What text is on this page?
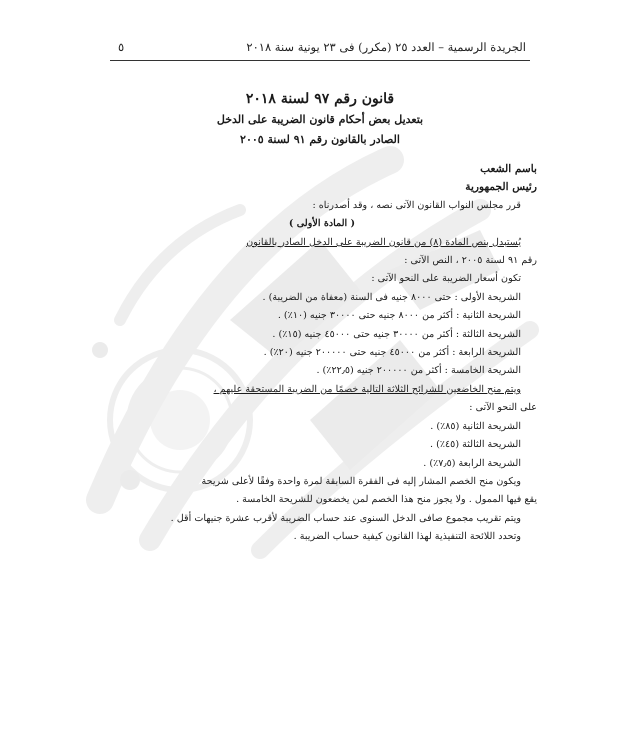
الجريدة الرسمية – العدد ٢٥ (مكرر) فى ٢٣ يونية سنة ٢٠١٨
٥
قانون رقم ٩٧ لسنة ٢٠١٨
بتعديل بعض أحكام قانون الضريبة على الدخل
الصادر بالقانون رقم ٩١ لسنة ٢٠٠٥

باسم الشعب

رئيس الجمهورية

قرر مجلس النواب القانون الآتى نصه ، وقد أصدرناه :

( المادة الأولى )

يُستبدل بنص المادة (٨) من قانون الضريبة على الدخل الصادر بالقانون

رقم ٩١ لسنة ٢٠٠٥ ، النص الآتى :

تكون أسعار الضريبة على النحو الآتى :

الشريحة الأولى : حتى ٨٠٠٠ جنيه فى السنة (معفاة من الضريبة) .

الشريحة الثانية : أكثر من ٨٠٠٠ جنيه حتى ٣٠٠٠٠ جنيه (١٠٪) .

الشريحة الثالثة : أكثر من ٣٠٠٠٠ جنيه حتى ٤٥٠٠٠ جنيه (١٥٪) .

الشريحة الرابعة : أكثر من ٤٥٠٠٠ جنيه حتى ٢٠٠٠٠٠ جنيه (٢٠٪) .

الشريحة الخامسة : أكثر من ٢٠٠٠٠٠ جنيه (٢٢٫٥٪) .

ويتم منح الخاضعين للشرائح الثلاثة التالية خصمًا من الضريبة المستحقة عليهم ،

على النحو الآتى :

الشريحة الثانية (٨٥٪) .

الشريحة الثالثة (٤٥٪) .

الشريحة الرابعة (٧٫٥٪) .

ويكون منح الخصم المشار إليه فى الفقرة السابقة لمرة واحدة وفقًا لأعلى شريحة

يقع فيها الممول . ولا يجوز منح هذا الخصم لمن يخضعون للشريحة الخامسة .

ويتم تقريب مجموع صافى الدخل السنوى عند حساب الضريبة لأقرب عشرة جنيهات أقل .

وتحدد اللائحة التنفيذية لهذا القانون كيفية حساب الضريبة .
